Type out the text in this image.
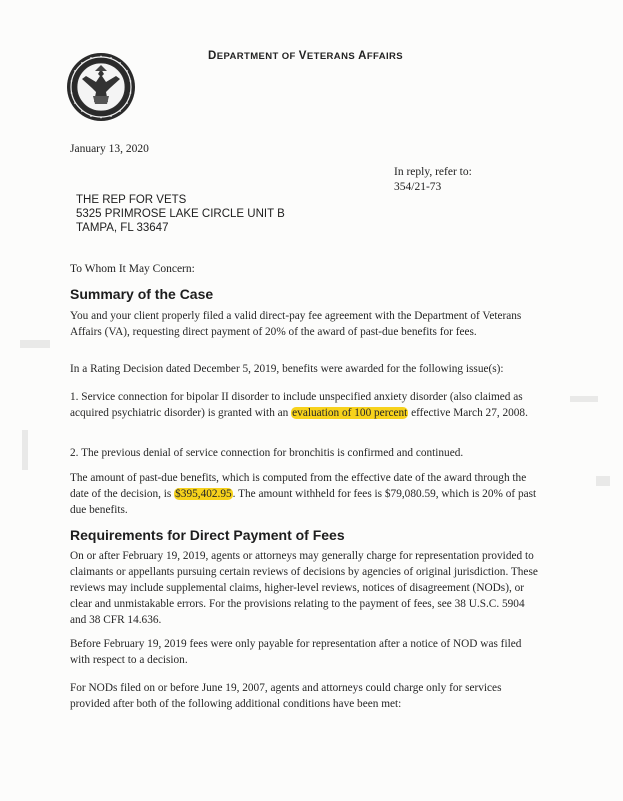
DEPARTMENT OF VETERANS AFFAIRS
January 13, 2020
In reply, refer to:
354/21-73
THE REP FOR VETS
5325 PRIMROSE LAKE CIRCLE UNIT B
TAMPA, FL 33647
To Whom It May Concern:
Summary of the Case
You and your client properly filed a valid direct-pay fee agreement with the Department of Veterans Affairs (VA), requesting direct payment of 20% of the award of past-due benefits for fees.
In a Rating Decision dated December 5, 2019, benefits were awarded for the following issue(s):
1. Service connection for bipolar II disorder to include unspecified anxiety disorder (also claimed as acquired psychiatric disorder) is granted with an evaluation of 100 percent effective March 27, 2008.
2. The previous denial of service connection for bronchitis is confirmed and continued.
The amount of past-due benefits, which is computed from the effective date of the award through the date of the decision, is $395,402.95. The amount withheld for fees is $79,080.59, which is 20% of past due benefits.
Requirements for Direct Payment of Fees
On or after February 19, 2019, agents or attorneys may generally charge for representation provided to claimants or appellants pursuing certain reviews of decisions by agencies of original jurisdiction. These reviews may include supplemental claims, higher-level reviews, notices of disagreement (NODs), or clear and unmistakable errors. For the provisions relating to the payment of fees, see 38 U.S.C. 5904 and 38 CFR 14.636.
Before February 19, 2019 fees were only payable for representation after a notice of NOD was filed with respect to a decision.
For NODs filed on or before June 19, 2007, agents and attorneys could charge only for services provided after both of the following additional conditions have been met:
